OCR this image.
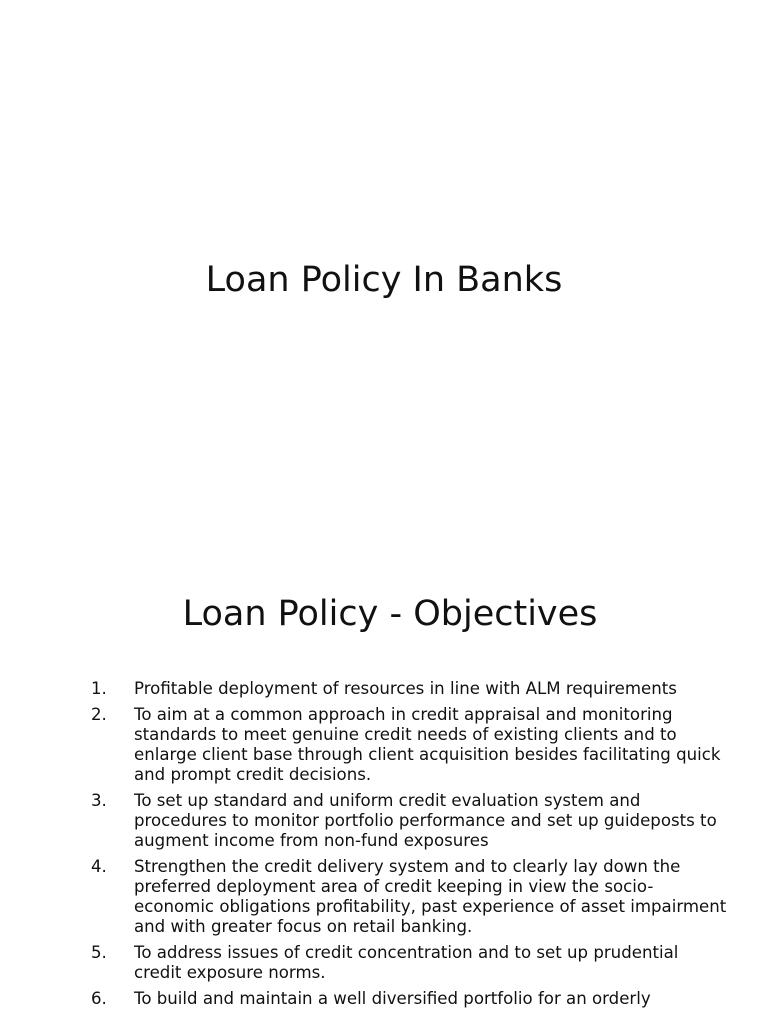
Loan Policy In Banks
Loan Policy - Objectives
1. Profitable deployment of resources in line with ALM requirements
2. To aim at a common approach in credit appraisal and monitoring standards to meet genuine credit needs of existing clients and to enlarge client base through client acquisition besides facilitating quick and prompt credit decisions.
3. To set up standard and uniform credit evaluation system and procedures to monitor portfolio performance and set up guideposts to augment income from non-fund exposures
4. Strengthen the credit delivery system and to clearly lay down the preferred deployment area of credit keeping in view the socio-economic obligations profitability, past experience of asset impairment and with greater focus on retail banking.
5. To address issues of credit concentration and to set up prudential credit exposure norms.
6. To build and maintain a well diversified portfolio for an orderly
